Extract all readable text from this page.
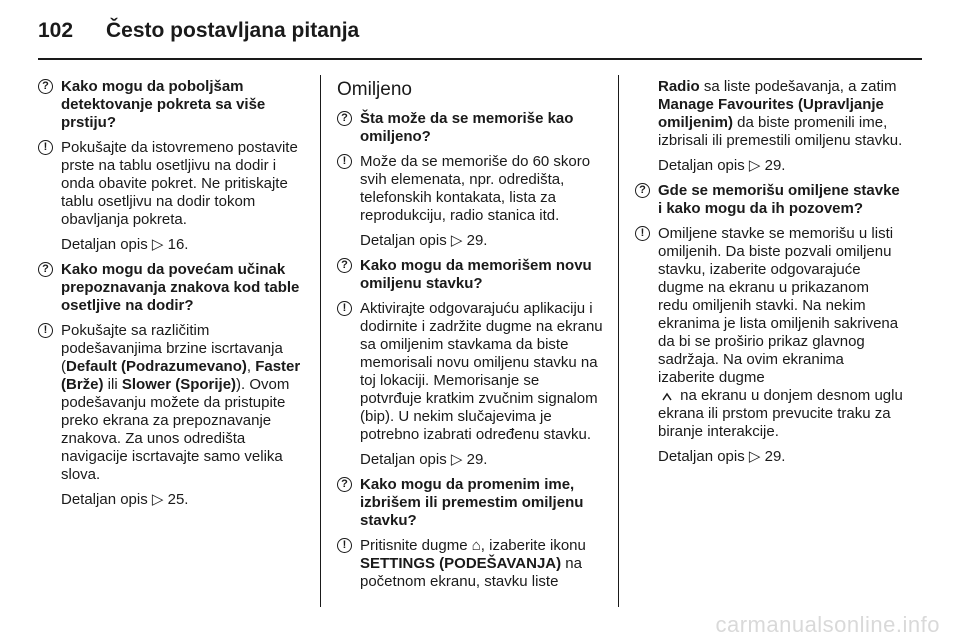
102	Često postavljana pitanja
? Kako mogu da poboljšam detektovanje pokreta sa više prstiju?
! Pokušajte da istovremeno postavite prste na tablu osetljivu na dodir i onda obavite pokret. Ne pritiskajte tablu osetljivu na dodir tokom obavljanja pokreta.
Detaljan opis ▷ 16.
? Kako mogu da povećam učinak prepoznavanja znakova kod table osetljive na dodir?
! Pokušajte sa različitim podešavanjima brzine iscrtavanja (Default (Podrazumevano), Faster (Brže) ili Slower (Sporije)). Ovom podešavanju možete da pristupite preko ekrana za prepoznavanje znakova. Za unos odredišta navigacije iscrtavajte samo velika slova.
Detaljan opis ▷ 25.
Omiljeno
? Šta može da se memoriše kao omiljeno?
! Može da se memoriše do 60 skoro svih elemenata, npr. odredišta, telefonskih kontakata, lista za reprodukciju, radio stanica itd.
Detaljan opis ▷ 29.
? Kako mogu da memorišem novu omiljenu stavku?
! Aktivirajte odgovarajuću aplikaciju i dodirnite i zadržite dugme na ekranu sa omiljenim stavkama da biste memorisali novu omiljenu stavku na toj lokaciji. Memorisanje se potvrđuje kratkim zvučnim signalom (bip). U nekim slučajevima je potrebno izabrati određenu stavku.
Detaljan opis ▷ 29.
? Kako mogu da promenim ime, izbrišem ili premestim omiljenu stavku?
! Pritisnite dugme ⌂, izaberite ikonu SETTINGS (PODEŠAVANJA) na početnom ekranu, stavku liste
Radio sa liste podešavanja, a zatim Manage Favourites (Upravljanje omiljenim) da biste promenili ime, izbrisali ili premestili omiljenu stavku.
Detaljan opis ▷ 29.
? Gde se memorišu omiljene stavke i kako mogu da ih pozovem?
! Omiljene stavke se memorišu u listi omiljenih. Da biste pozvali omiljenu stavku, izaberite odgovarajuće dugme na ekranu u prikazanom redu omiljenih stavki. Na nekim ekranima je lista omiljenih sakrivena da bi se proširio prikaz glavnog sadržaja. Na ovim ekranima izaberite dugme
na ekranu u donjem desnom uglu ekrana ili prstom prevucite traku za biranje interakcije.
Detaljan opis ▷ 29.
carmanualsonline.info
